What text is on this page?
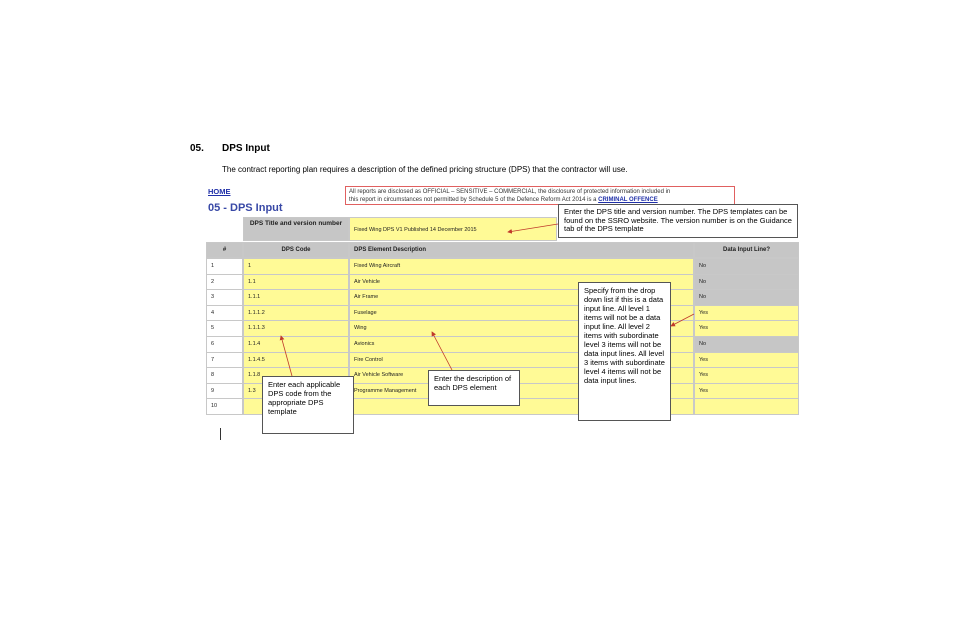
05. DPS Input
The contract reporting plan requires a description of the defined pricing structure (DPS) that the contractor will use.
HOME
05 - DPS Input
All reports are disclosed as OFFICIAL – SENSITIVE – COMMERCIAL, the disclosure of protected information included in
this report in circumstances not permitted by Schedule 5 of the Defence Reform Act 2014 is a CRIMINAL OFFENCE
DPS Title and version number
Fixed Wing DPS V1 Published 14 December 2015
#	DPS Code	DPS Element Description	Data Input Line?
1	1	Fixed Wing Aircraft	No
2	1.1	Air Vehicle	No
3	1.1.1	Air Frame	No
4	1.1.1.2	Fuselage	Yes
5	1.1.1.3	Wing	Yes
6	1.1.4	Avionics	No
7	1.1.4.5	Fire Control	Yes
8	1.1.8	Air Vehicle Software	Yes
9	1.3	Programme Management	Yes
10
Enter the DPS title and version number. The DPS templates can be found on the SSRO website. The version number is on the Guidance tab of the DPS template
Specify from the drop down list if this is a data input line. All level 1 items will not be a data input line. All level 2 items with subordinate level 3 items will not be data input lines. All level 3 items with subordinate level 4 items will not be data input lines.
Enter each applicable DPS code from the appropriate DPS template
Enter the description of each DPS element
